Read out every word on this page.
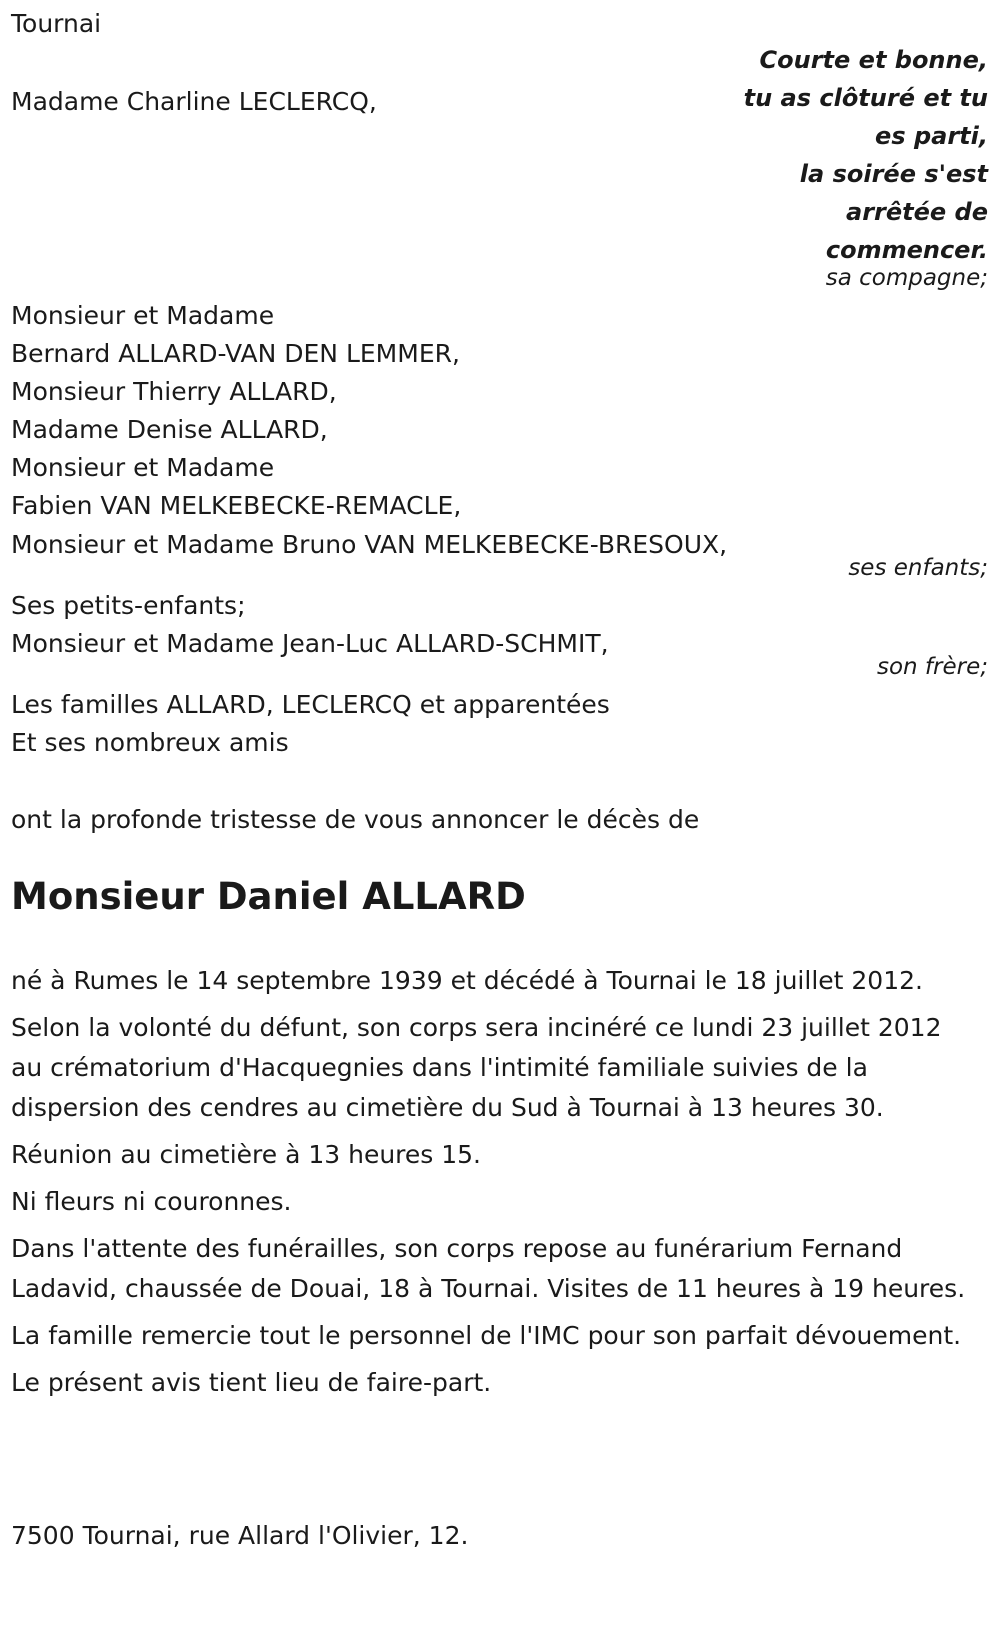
Tournai
Madame Charline LECLERCQ,
Monsieur et Madame
Bernard ALLARD-VAN DEN LEMMER,
Monsieur Thierry ALLARD,
Madame Denise ALLARD,
Monsieur et Madame
Fabien VAN MELKEBECKE-REMACLE,
Monsieur et Madame Bruno VAN MELKEBECKE-BRESOUX,
Ses petits-enfants;
Monsieur et Madame Jean-Luc ALLARD-SCHMIT,
Les familles ALLARD, LECLERCQ et apparentées
Et ses nombreux amis
ont la profonde tristesse de vous annoncer le décès de
Monsieur Daniel ALLARD

né à Rumes le 14 septembre 1939 et décédé à Tournai le 18 juillet 2012.

Selon la volonté du défunt, son corps sera incinéré ce lundi 23 juillet 2012 au crématorium d'Hacquegnies dans l'intimité familiale suivies de la dispersion des cendres au cimetière du Sud à Tournai à 13 heures 30.

Réunion au cimetière à 13 heures 15.

Ni fleurs ni couronnes.

Dans l'attente des funérailles, son corps repose au funérarium Fernand Ladavid, chaussée de Douai, 18 à Tournai. Visites de 11 heures à 19 heures.

La famille remercie tout le personnel de l'IMC pour son parfait dévouement.

Le présent avis tient lieu de faire-part.

7500 Tournai, rue Allard l'Olivier, 12.
Courte et bonne,
tu as clôturé et tu
es parti,
la soirée s'est
arrêtée de
commencer.
sa compagne;
ses enfants;
son frère;
